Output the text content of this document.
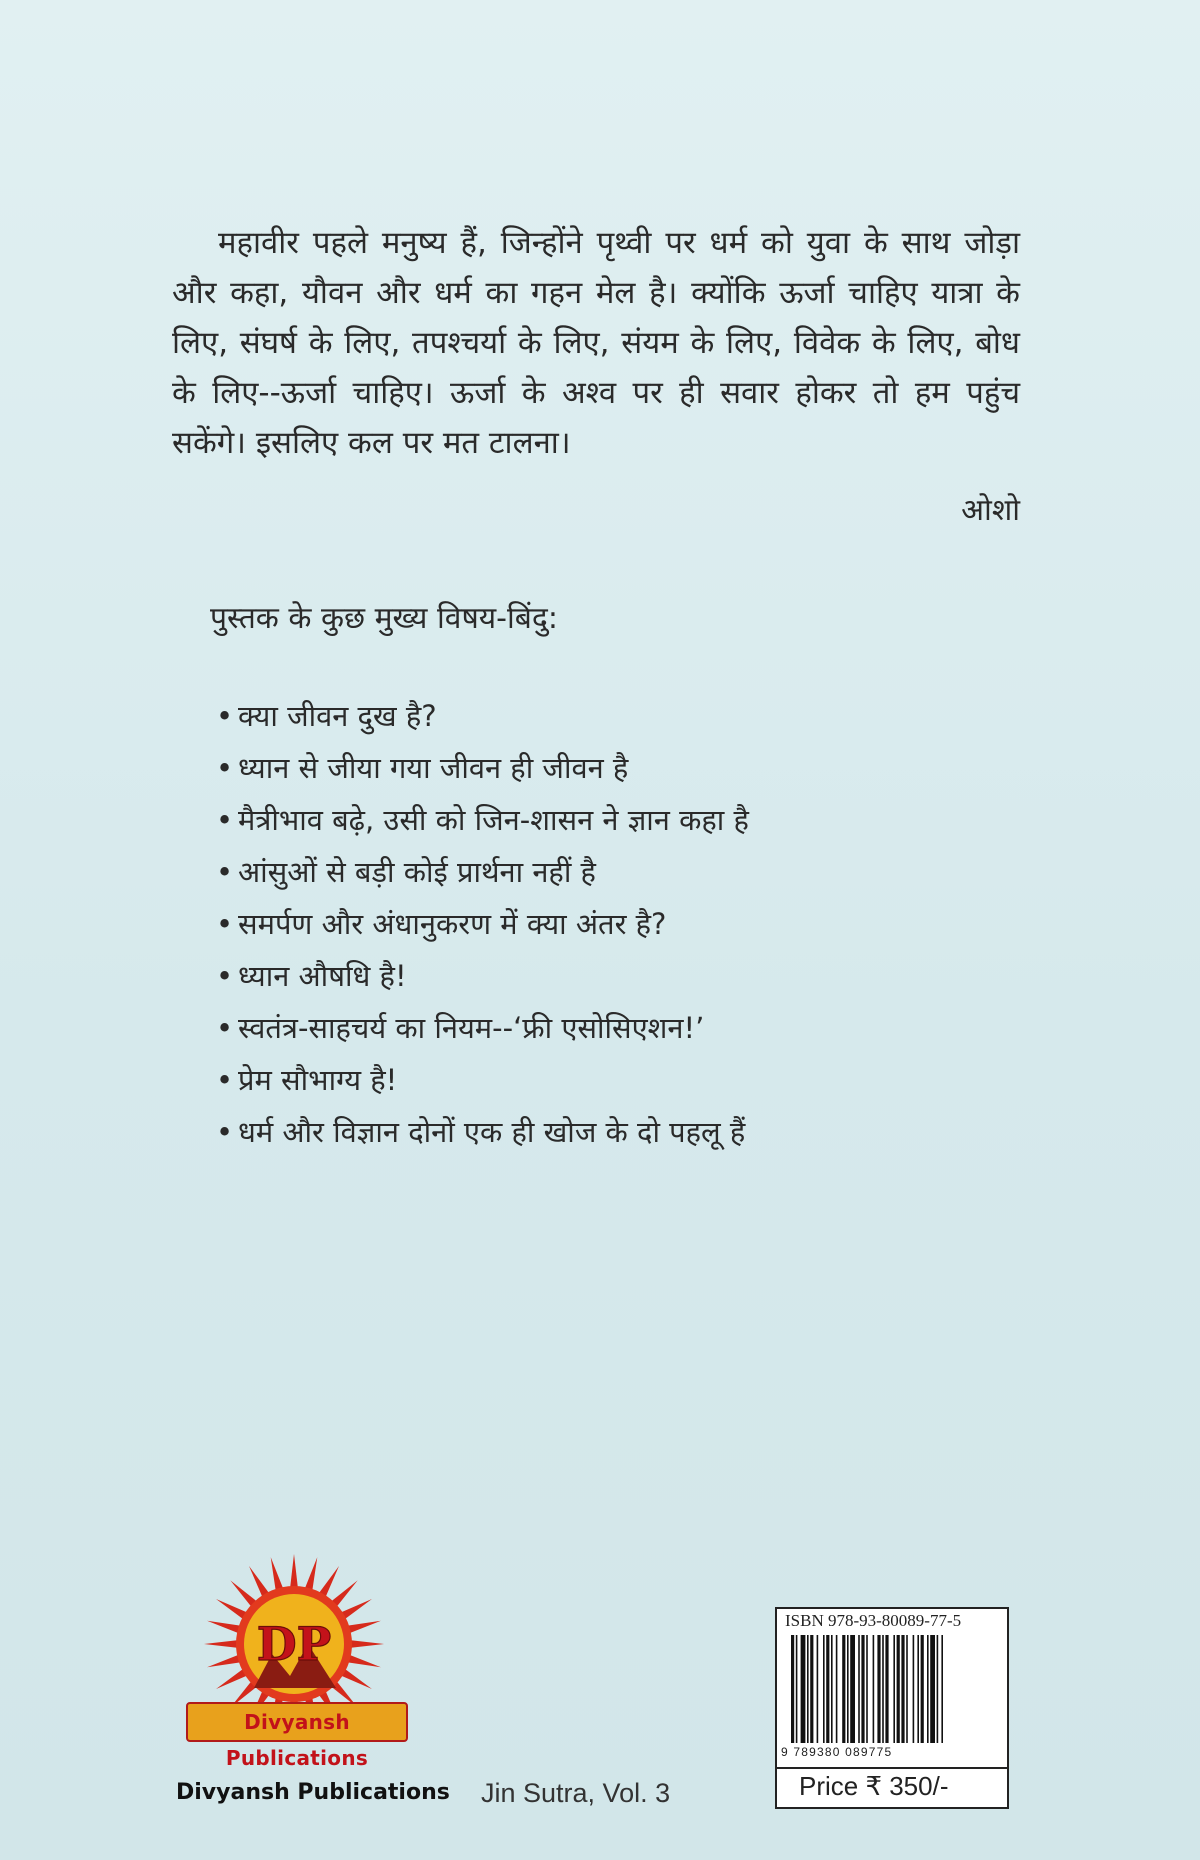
महावीर पहले मनुष्य हैं, जिन्होंने पृथ्वी पर धर्म को युवा के साथ जोड़ा और कहा, यौवन और धर्म का गहन मेल है। क्योंकि ऊर्जा चाहिए यात्रा के लिए, संघर्ष के लिए, तपश्चर्या के लिए, संयम के लिए, विवेक के लिए, बोध के लिए--ऊर्जा चाहिए। ऊर्जा के अश्व पर ही सवार होकर तो हम पहुंच सकेंगे। इसलिए कल पर मत टालना।

ओशो
पुस्तक के कुछ मुख्य विषय-बिंदु:
• क्या जीवन दुख है?
• ध्यान से जीया गया जीवन ही जीवन है
• मैत्रीभाव बढ़े, उसी को जिन-शासन ने ज्ञान कहा है
• आंसुओं से बड़ी कोई प्रार्थना नहीं है
• समर्पण और अंधानुकरण में क्या अंतर है?
• ध्यान औषधि है!
• स्वतंत्र-साहचर्य का नियम--‘फ्री एसोसिएशन!’
• प्रेम सौभाग्य है!
• धर्म और विज्ञान दोनों एक ही खोज के दो पहलू हैं
DP
Divyansh Publications
Divyansh Publications Jin Sutra, Vol. 3
ISBN 978-93-80089-77-5
9 789380 089775
Price ₹ 350/-
